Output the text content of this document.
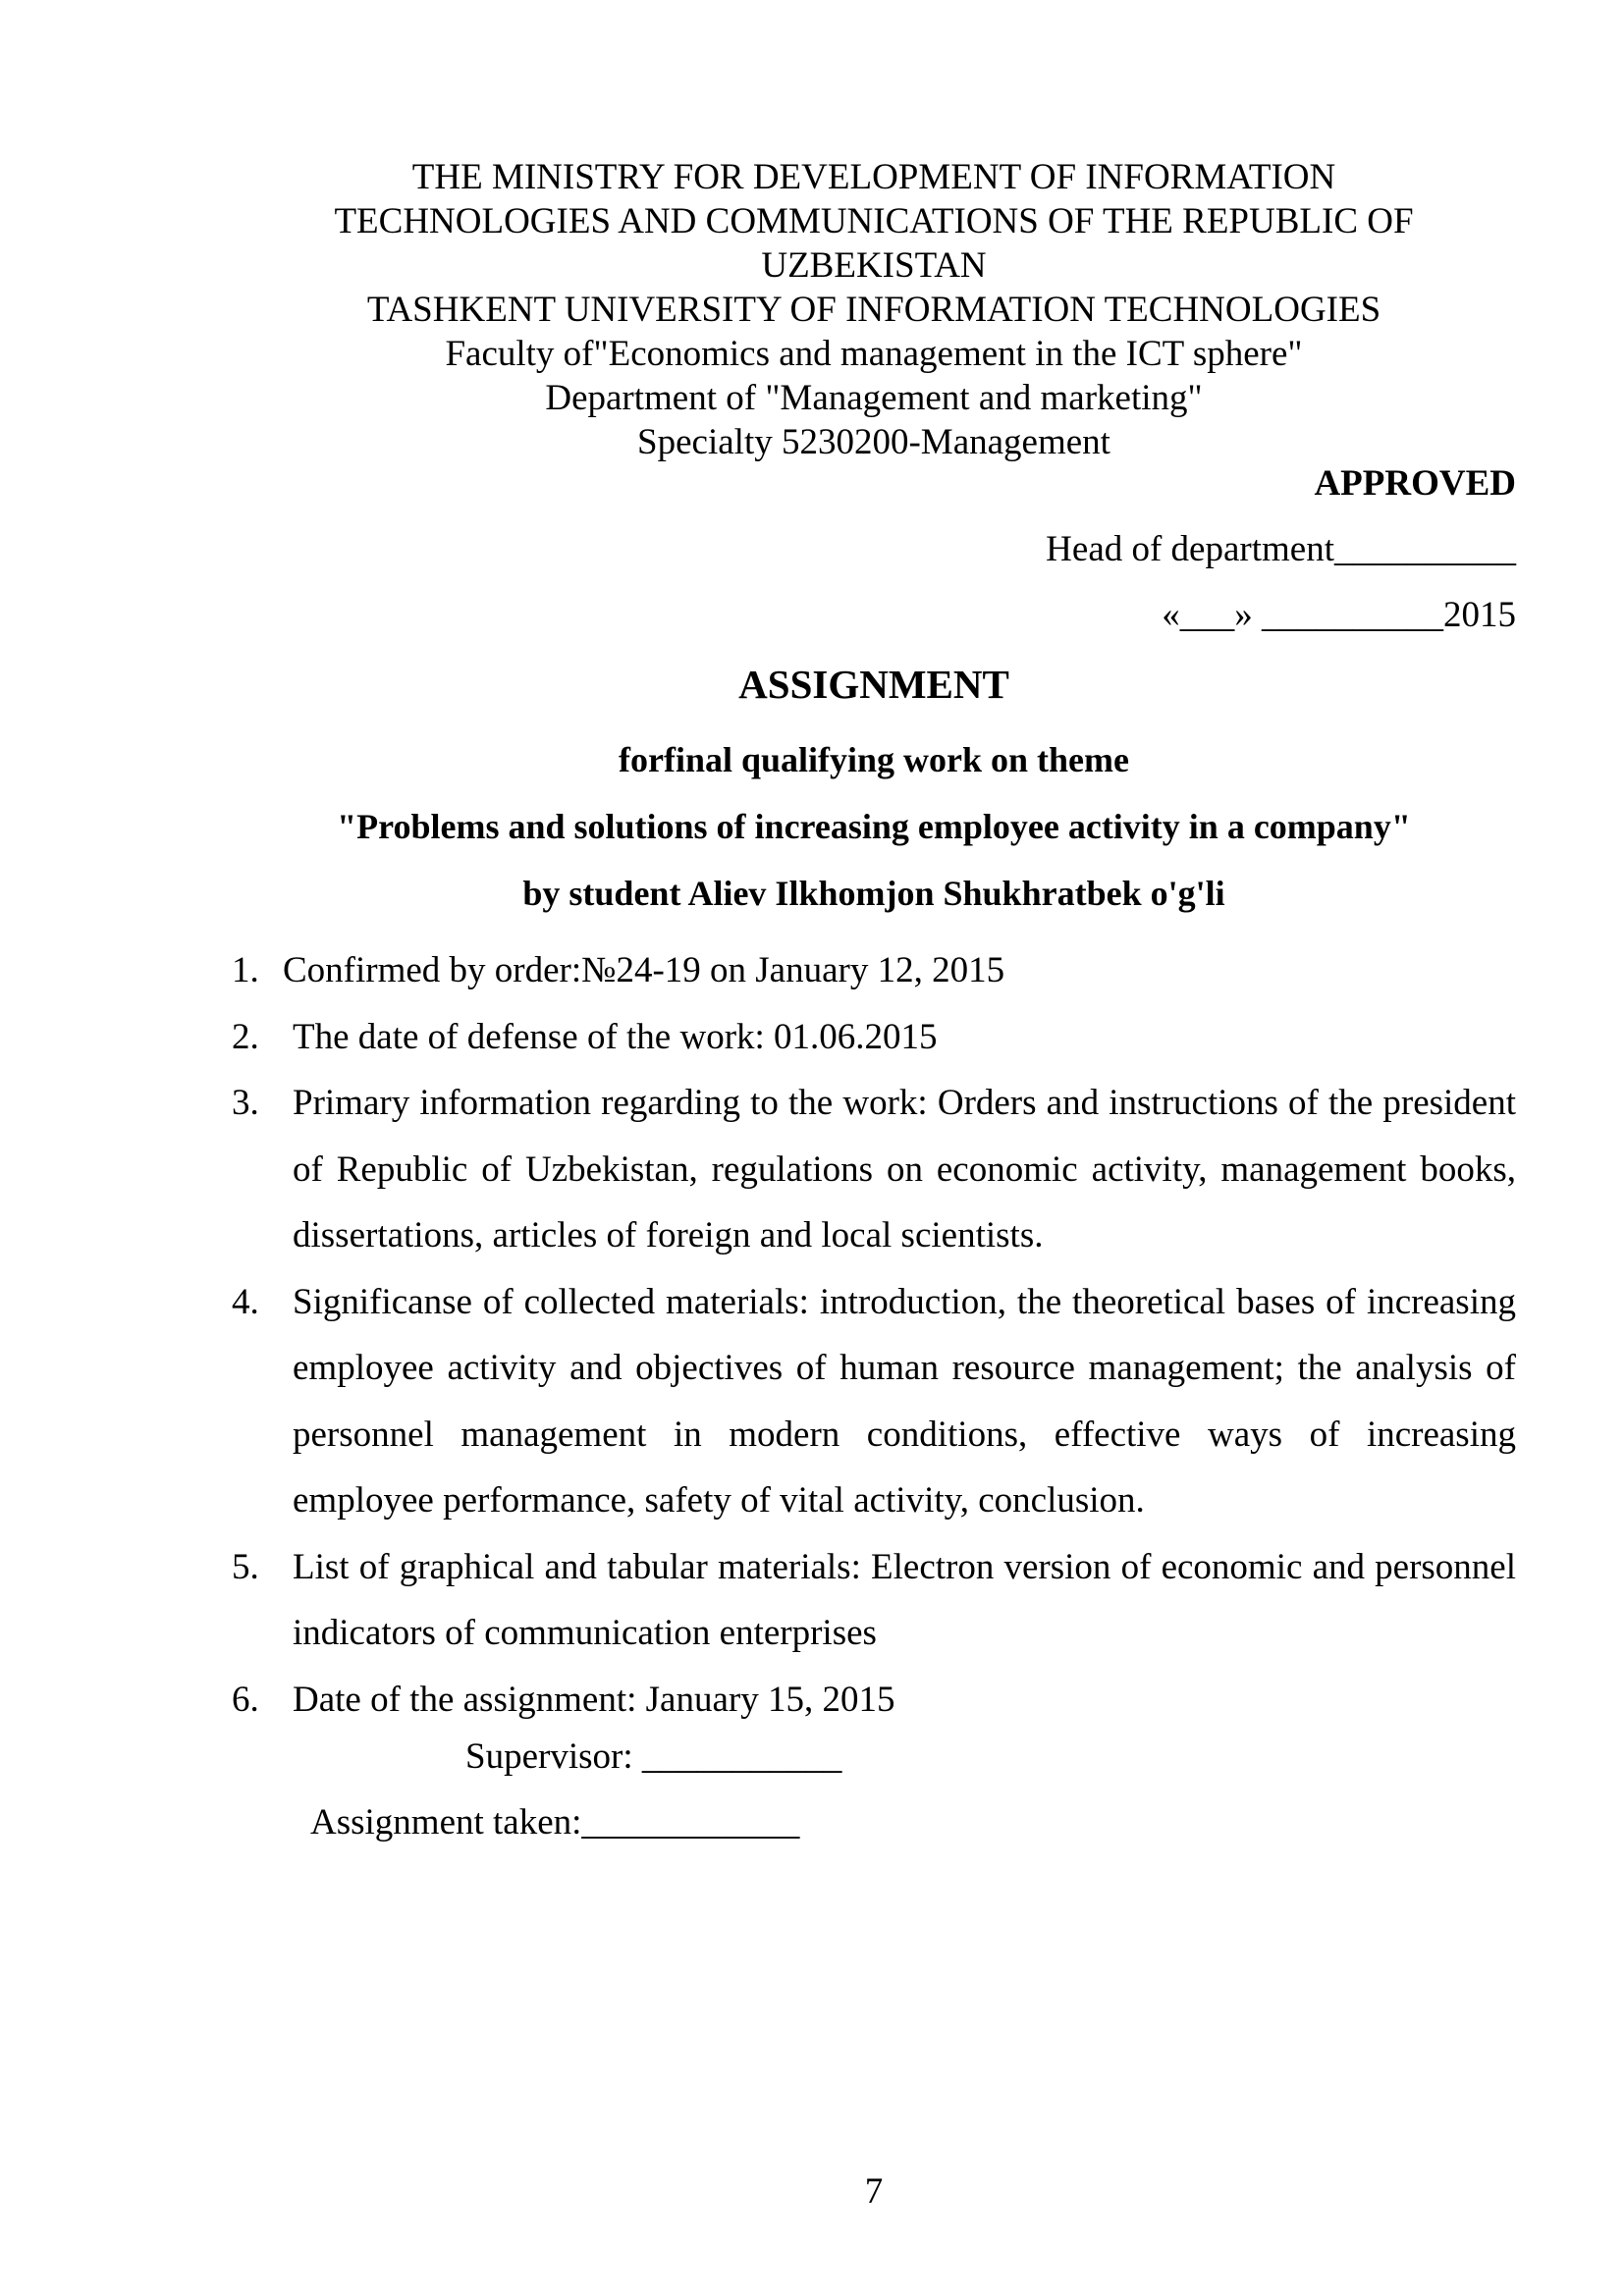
THE MINISTRY FOR DEVELOPMENT OF INFORMATION
TECHNOLOGIES AND COMMUNICATIONS OF THE REPUBLIC OF
UZBEKISTAN
TASHKENT UNIVERSITY OF INFORMATION TECHNOLOGIES
Faculty of"Economics and management in the ICT sphere"
Department of "Management and marketing"
Specialty 5230200-Management
APPROVED
Head of department__________
«___» __________2015
ASSIGNMENT
forfinal qualifying work on theme
"Problems and solutions of increasing employee activity in a company"
by student Aliev Ilkhomjon Shukhratbek o'g'li
1. Confirmed by order:№24-19 on January 12, 2015
2. The date of defense of the work: 01.06.2015
3. Primary information regarding to the work: Orders and instructions of the president of Republic of Uzbekistan, regulations on economic activity, management books, dissertations, articles of foreign and local scientists.
4. Significanse of collected materials: introduction, the theoretical bases of increasing employee activity and objectives of human resource management; the analysis of personnel management in modern conditions, effective ways of increasing employee performance, safety of vital activity, conclusion.
5. List of graphical and tabular materials: Electron version of economic and personnel indicators of communication enterprises
6. Date of the assignment: January 15, 2015
Supervisor: ___________
Assignment taken:____________
7
